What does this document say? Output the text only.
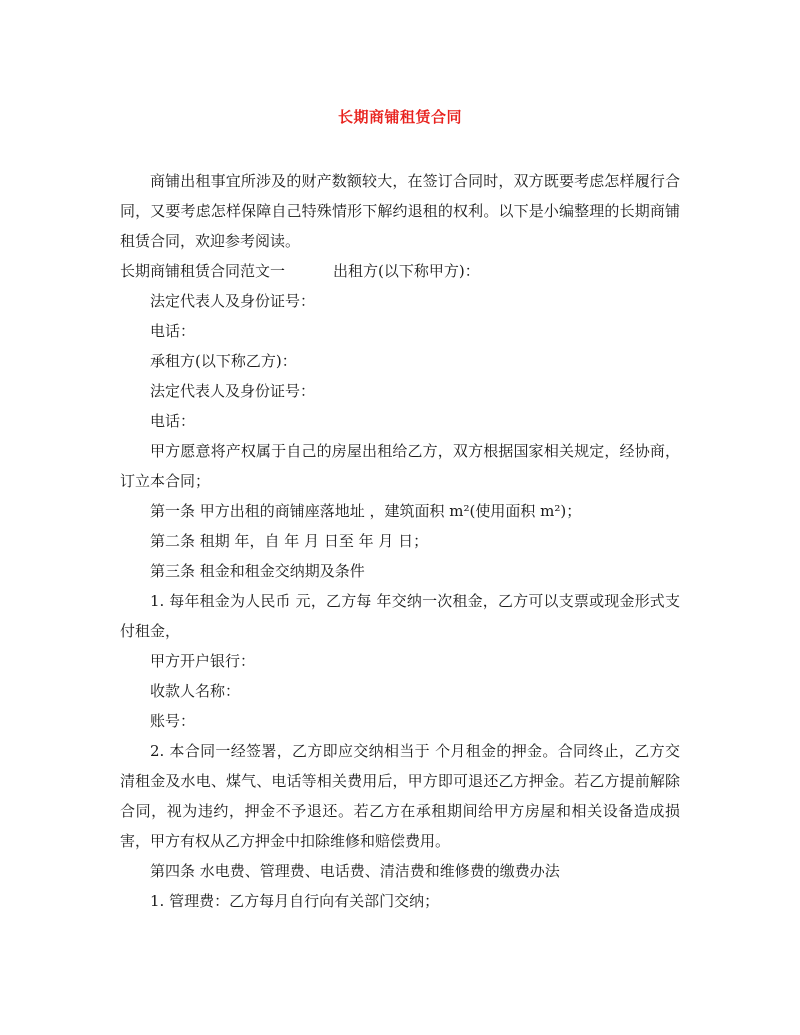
长期商铺租赁合同

商铺出租事宜所涉及的财产数额较大，在签订合同时，双方既要考虑怎样履行合同，又要考虑怎样保障自己特殊情形下解约退租的权利。以下是小编整理的长期商铺租赁合同，欢迎参考阅读。

长期商铺租赁合同范文一	出租方(以下称甲方)：

法定代表人及身份证号：

电话：

承租方(以下称乙方)：

法定代表人及身份证号：

电话：

甲方愿意将产权属于自己的房屋出租给乙方，双方根据国家相关规定，经协商，订立本合同；

第一条 甲方出租的商铺座落地址 ，建筑面积 m²(使用面积 m²)；

第二条 租期 年，自 年 月 日至 年 月 日；

第三条 租金和租金交纳期及条件

1. 每年租金为人民币 元，乙方每 年交纳一次租金，乙方可以支票或现金形式支付租金，

甲方开户银行：

收款人名称：

账号：

2. 本合同一经签署，乙方即应交纳相当于 个月租金的押金。合同终止，乙方交清租金及水电、煤气、电话等相关费用后，甲方即可退还乙方押金。若乙方提前解除合同，视为违约，押金不予退还。若乙方在承租期间给甲方房屋和相关设备造成损害，甲方有权从乙方押金中扣除维修和赔偿费用。

第四条 水电费、管理费、电话费、清洁费和维修费的缴费办法

1. 管理费：乙方每月自行向有关部门交纳；
